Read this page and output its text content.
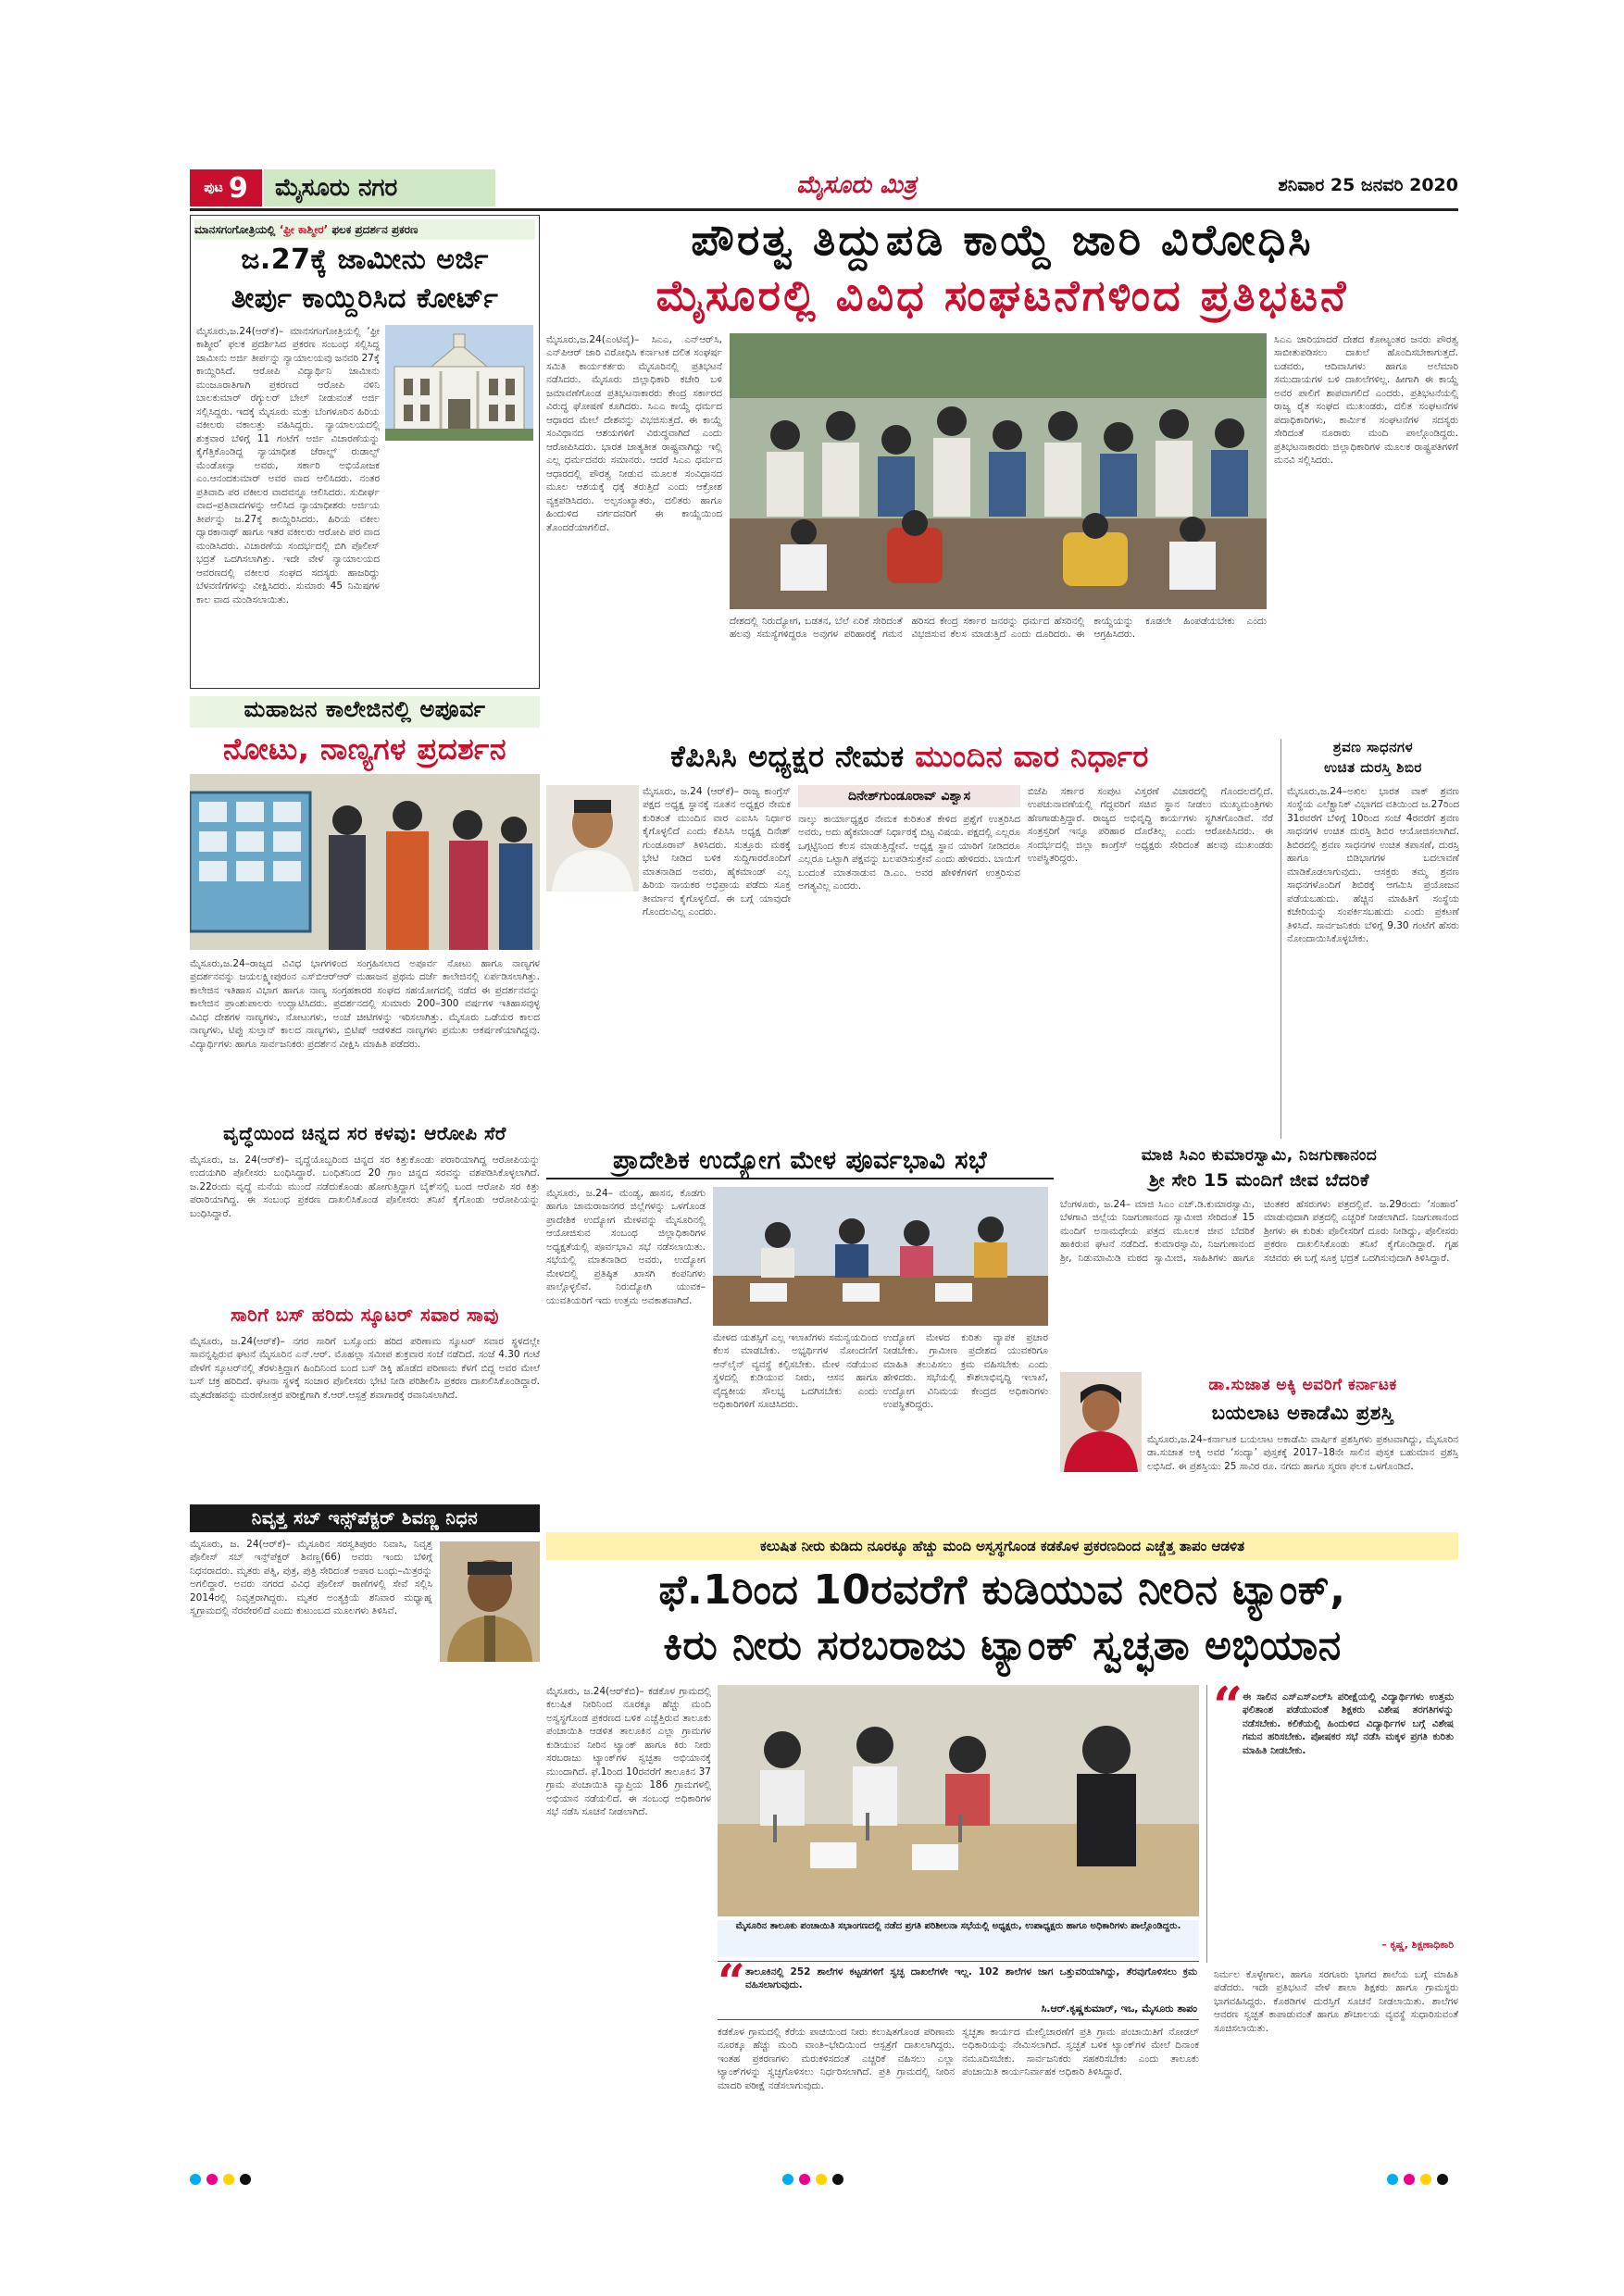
ಪುಟ 9 ಮೈಸೂರು ನಗರ	ಮೈಸೂರು ಮಿತ್ರ	ಶನಿವಾರ 25 ಜನವರಿ 2020
ಮಾನಸಗಂಗೋತ್ರಿಯಲ್ಲಿ ‘ಫ್ರೀ ಕಾಶ್ಮೀರ’ ಫಲಕ ಪ್ರದರ್ಶನ ಪ್ರಕರಣ
ಜ.27ಕ್ಕೆ ಜಾಮೀನು ಅರ್ಜಿ
ತೀರ್ಪು ಕಾಯ್ದಿರಿಸಿದ ಕೋರ್ಟ್
ಮೈಸೂರು,ಜ.24(ಆರ್‌ಕೆ)– ಮಾನಸಗಂಗೋತ್ರಿಯಲ್ಲಿ ‘ಫ್ರೀ ಕಾಶ್ಮೀರ’ ಫಲಕ ಪ್ರದರ್ಶಿಸಿದ ಪ್ರಕರಣ ಸಂಬಂಧ ಸಲ್ಲಿಸಿದ್ದ ಜಾಮೀನು ಅರ್ಜಿ ತೀರ್ಪನ್ನು ನ್ಯಾಯಾಲಯವು ಜನವರಿ 27ಕ್ಕೆ ಕಾಯ್ದಿರಿಸಿದೆ. ಆರೋಪಿ ವಿದ್ಯಾರ್ಥಿನಿ ಜಾಮೀನು ಮಂಜೂರಾತಿಗಾಗಿ ಪ್ರಕರಣದ ಆರೋಪಿ ನಳಿನಿ ಬಾಲಕುಮಾರ್ ರೆಗ್ಯುಲರ್ ಬೇಲ್ ನೀಡುವಂತೆ ಅರ್ಜಿ ಸಲ್ಲಿಸಿದ್ದರು. ಇದಕ್ಕೆ ಮೈಸೂರು ಮತ್ತು ಬೆಂಗಳೂರಿನ ಹಿರಿಯ ವಕೀಲರು ವಕಾಲತ್ತು ವಹಿಸಿದ್ದರು. ನ್ಯಾಯಾಲಯದಲ್ಲಿ ಶುಕ್ರವಾರ ಬೆಳಿಗ್ಗೆ 11 ಗಂಟೆಗೆ ಅರ್ಜಿ ವಿಚಾರಣೆಯನ್ನು ಕೈಗೆತ್ತಿಕೊಂಡಿದ್ದ ನ್ಯಾಯಾಧೀಶ ಜೆರಾಲ್ಡ್ ರುಡಾಲ್ಫ್ ಮೆಂಡೋನ್ಸಾ ಅವರು, ಸರ್ಕಾರಿ ಅಭಿಯೋಜಕ ಎಂ.ಆನಂದಕುಮಾರ್ ಅವರ ವಾದ ಆಲಿಸಿದರು. ನಂತರ ಪ್ರತಿವಾದಿ ಪರ ವಕೀಲರ ವಾದವನ್ನೂ ಆಲಿಸಿದರು. ಸುದೀರ್ಘ ವಾದ–ಪ್ರತಿವಾದಗಳನ್ನು ಆಲಿಸಿದ ನ್ಯಾಯಾಧೀಶರು ಅರ್ಜಿಯ ತೀರ್ಪನ್ನು ಜ.27ಕ್ಕೆ ಕಾಯ್ದಿರಿಸಿದರು. ಹಿರಿಯ ವಕೀಲ ದ್ವಾರಕಾನಾಥ್ ಹಾಗೂ ಇತರ ವಕೀಲರು ಆರೋಪಿ ಪರ ವಾದ ಮಂಡಿಸಿದರು. ವಿಚಾರಣೆಯ ಸಂದರ್ಭದಲ್ಲಿ ಬಿಗಿ ಪೊಲೀಸ್ ಭದ್ರತೆ ಒದಗಿಸಲಾಗಿತ್ತು. ಇದೇ ವೇಳೆ ನ್ಯಾಯಾಲಯದ ಆವರಣದಲ್ಲಿ ವಕೀಲರ ಸಂಘದ ಸದಸ್ಯರು ಹಾಜರಿದ್ದು ಬೆಳವಣಿಗೆಗಳನ್ನು ವೀಕ್ಷಿಸಿದರು. ಸುಮಾರು 45 ನಿಮಿಷಗಳ ಕಾಲ ವಾದ ಮಂಡಿಸಲಾಯಿತು.
ಪೌರತ್ವ ತಿದ್ದುಪಡಿ ಕಾಯ್ದೆ ಜಾರಿ ವಿರೋಧಿಸಿ
ಮೈಸೂರಲ್ಲಿ ವಿವಿಧ ಸಂಘಟನೆಗಳಿಂದ ಪ್ರತಿಭಟನೆ
ಮೈಸೂರು,ಜ.24(ಎಂಟಿವೈ)– ಸಿಎಎ, ಎನ್‌ಆರ್‌ಸಿ, ಎನ್‌ಪಿಆರ್ ಜಾರಿ ವಿರೋಧಿಸಿ ಕರ್ನಾಟಕ ದಲಿತ ಸಂಘರ್ಷ ಸಮಿತಿ ಕಾರ್ಯಕರ್ತರು ಮೈಸೂರಿನಲ್ಲಿ ಪ್ರತಿಭಟನೆ ನಡೆಸಿದರು. ಮೈಸೂರು ಜಿಲ್ಲಾಧಿಕಾರಿ ಕಚೇರಿ ಬಳಿ ಜಮಾವಣೆಗೊಂಡ ಪ್ರತಿಭಟನಾಕಾರರು ಕೇಂದ್ರ ಸರ್ಕಾರದ ವಿರುದ್ಧ ಘೋಷಣೆ ಕೂಗಿದರು. ಸಿಎಎ ಕಾಯ್ದೆ ಧರ್ಮದ ಆಧಾರದ ಮೇಲೆ ದೇಶವನ್ನು ವಿಭಜಿಸುತ್ತದೆ. ಈ ಕಾಯ್ದೆ ಸಂವಿಧಾನದ ಆಶಯಗಳಿಗೆ ವಿರುದ್ಧವಾಗಿದೆ ಎಂದು ಆರೋಪಿಸಿದರು. ಭಾರತ ಜಾತ್ಯತೀತ ರಾಷ್ಟ್ರವಾಗಿದ್ದು ಇಲ್ಲಿ ಎಲ್ಲ ಧರ್ಮದವರು ಸಮಾನರು. ಆದರೆ ಸಿಎಎ ಧರ್ಮದ ಆಧಾರದಲ್ಲಿ ಪೌರತ್ವ ನೀಡುವ ಮೂಲಕ ಸಂವಿಧಾನದ ಮೂಲ ಆಶಯಕ್ಕೆ ಧಕ್ಕೆ ತರುತ್ತಿದೆ ಎಂದು ಆಕ್ರೋಶ ವ್ಯಕ್ತಪಡಿಸಿದರು. ಅಲ್ಪಸಂಖ್ಯಾತರು, ದಲಿತರು ಹಾಗೂ ಹಿಂದುಳಿದ ವರ್ಗದವರಿಗೆ ಈ ಕಾಯ್ದೆಯಿಂದ ತೊಂದರೆಯಾಗಲಿದೆ.
ದೇಶದಲ್ಲಿ ನಿರುದ್ಯೋಗ, ಬಡತನ, ಬೆಲೆ ಏರಿಕೆ ಸೇರಿದಂತೆ ಹಲವು ಸಮಸ್ಯೆಗಳಿದ್ದರೂ ಅವುಗಳ ಪರಿಹಾರಕ್ಕೆ ಗಮನ ಹರಿಸದ ಕೇಂದ್ರ ಸರ್ಕಾರ ಜನರನ್ನು ಧರ್ಮದ ಹೆಸರಿನಲ್ಲಿ ವಿಭಜಿಸುವ ಕೆಲಸ ಮಾಡುತ್ತಿದೆ ಎಂದು ದೂರಿದರು. ಈ ಕಾಯ್ದೆಯನ್ನು ಕೂಡಲೇ ಹಿಂಪಡೆಯಬೇಕು ಎಂದು ಆಗ್ರಹಿಸಿದರು.
ಸಿಎಎ ಜಾರಿಯಾದರೆ ದೇಶದ ಕೋಟ್ಯಂತರ ಜನರು ಪೌರತ್ವ ಸಾಬೀತುಪಡಿಸಲು ದಾಖಲೆ ಹೊಂದಿಸಬೇಕಾಗುತ್ತದೆ. ಬಡವರು, ಆದಿವಾಸಿಗಳು ಹಾಗೂ ಅಲೆಮಾರಿ ಸಮುದಾಯಗಳ ಬಳಿ ದಾಖಲೆಗಳಿಲ್ಲ. ಹೀಗಾಗಿ ಈ ಕಾಯ್ದೆ ಅವರ ಪಾಲಿಗೆ ಶಾಪವಾಗಲಿದೆ ಎಂದರು. ಪ್ರತಿಭಟನೆಯಲ್ಲಿ ರಾಜ್ಯ ರೈತ ಸಂಘದ ಮುಖಂಡರು, ದಲಿತ ಸಂಘಟನೆಗಳ ಪದಾಧಿಕಾರಿಗಳು, ಕಾರ್ಮಿಕ ಸಂಘಟನೆಗಳ ಸದಸ್ಯರು ಸೇರಿದಂತೆ ನೂರಾರು ಮಂದಿ ಪಾಲ್ಗೊಂಡಿದ್ದರು. ಪ್ರತಿಭಟನಾಕಾರರು ಜಿಲ್ಲಾಧಿಕಾರಿಗಳ ಮೂಲಕ ರಾಷ್ಟ್ರಪತಿಗಳಿಗೆ ಮನವಿ ಸಲ್ಲಿಸಿದರು.
ಮಹಾಜನ ಕಾಲೇಜಿನಲ್ಲಿ ಅಪೂರ್ವ
ನೋಟು, ನಾಣ್ಯಗಳ ಪ್ರದರ್ಶನ
ಮೈಸೂರು,ಜ.24–ರಾಜ್ಯದ ವಿವಿಧ ಭಾಗಗಳಿಂದ ಸಂಗ್ರಹಿಸಲಾದ ಅಪೂರ್ವ ನೋಟು ಹಾಗೂ ನಾಣ್ಯಗಳ ಪ್ರದರ್ಶನವನ್ನು ಜಯಲಕ್ಷ್ಮೀಪುರಂನ ಎಸ್‌ಬಿಆರ್‌ಆರ್ ಮಹಾಜನ ಪ್ರಥಮ ದರ್ಜೆ ಕಾಲೇಜಿನಲ್ಲಿ ಏರ್ಪಡಿಸಲಾಗಿತ್ತು. ಕಾಲೇಜಿನ ಇತಿಹಾಸ ವಿಭಾಗ ಹಾಗೂ ನಾಣ್ಯ ಸಂಗ್ರಹಕಾರರ ಸಂಘದ ಸಹಯೋಗದಲ್ಲಿ ನಡೆದ ಈ ಪ್ರದರ್ಶನವನ್ನು ಕಾಲೇಜಿನ ಪ್ರಾಂಶುಪಾಲರು ಉದ್ಘಾಟಿಸಿದರು. ಪ್ರದರ್ಶನದಲ್ಲಿ ಸುಮಾರು 200–300 ವರ್ಷಗಳ ಇತಿಹಾಸವುಳ್ಳ ವಿವಿಧ ದೇಶಗಳ ನಾಣ್ಯಗಳು, ನೋಟುಗಳು, ಅಂಚೆ ಚೀಟಿಗಳನ್ನು ಇರಿಸಲಾಗಿತ್ತು. ಮೈಸೂರು ಒಡೆಯರ ಕಾಲದ ನಾಣ್ಯಗಳು, ಟಿಪ್ಪು ಸುಲ್ತಾನ್ ಕಾಲದ ನಾಣ್ಯಗಳು, ಬ್ರಿಟಿಷ್ ಆಡಳಿತದ ನಾಣ್ಯಗಳು ಪ್ರಮುಖ ಆಕರ್ಷಣೆಯಾಗಿದ್ದವು. ವಿದ್ಯಾರ್ಥಿಗಳು ಹಾಗೂ ಸಾರ್ವಜನಿಕರು ಪ್ರದರ್ಶನ ವೀಕ್ಷಿಸಿ ಮಾಹಿತಿ ಪಡೆದರು.
ವೃದ್ಧೆಯಿಂದ ಚಿನ್ನದ ಸರ ಕಳವು: ಆರೋಪಿ ಸೆರೆ
ಮೈಸೂರು, ಜ. 24(ಆರ್‌ಕೆ)– ವೃದ್ಧೆಯೊಬ್ಬರಿಂದ ಚಿನ್ನದ ಸರ ಕಿತ್ತುಕೊಂಡು ಪರಾರಿಯಾಗಿದ್ದ ಆರೋಪಿಯನ್ನು ಉದಯಗಿರಿ ಪೊಲೀಸರು ಬಂಧಿಸಿದ್ದಾರೆ. ಬಂಧಿತನಿಂದ 20 ಗ್ರಾಂ ಚಿನ್ನದ ಸರವನ್ನು ವಶಪಡಿಸಿಕೊಳ್ಳಲಾಗಿದೆ. ಜ.22ರಂದು ವೃದ್ಧೆ ಮನೆಯ ಮುಂದೆ ನಡೆದುಕೊಂಡು ಹೋಗುತ್ತಿದ್ದಾಗ ಬೈಕ್‌ನಲ್ಲಿ ಬಂದ ಆರೋಪಿ ಸರ ಕಿತ್ತು ಪರಾರಿಯಾಗಿದ್ದ. ಈ ಸಂಬಂಧ ಪ್ರಕರಣ ದಾಖಲಿಸಿಕೊಂಡ ಪೊಲೀಸರು ತನಿಖೆ ಕೈಗೊಂಡು ಆರೋಪಿಯನ್ನು ಬಂಧಿಸಿದ್ದಾರೆ.
ಸಾರಿಗೆ ಬಸ್ ಹರಿದು ಸ್ಕೂಟರ್ ಸವಾರ ಸಾವು
ಮೈಸೂರು, ಜ.24(ಆರ್‌ಕೆ)– ನಗರ ಸಾರಿಗೆ ಬಸ್ಸೊಂದು ಹರಿದ ಪರಿಣಾಮ ಸ್ಕೂಟರ್ ಸವಾರ ಸ್ಥಳದಲ್ಲೇ ಸಾವನ್ನಪ್ಪಿರುವ ಘಟನೆ ಮೈಸೂರಿನ ಎನ್.ಆರ್. ಮೊಹಲ್ಲಾ ಸಮೀಪ ಶುಕ್ರವಾರ ಸಂಜೆ ನಡೆದಿದೆ. ಸಂಜೆ 4.30 ಗಂಟೆ ವೇಳೆಗೆ ಸ್ಕೂಟರ್‌ನಲ್ಲಿ ತೆರಳುತ್ತಿದ್ದಾಗ ಹಿಂದಿನಿಂದ ಬಂದ ಬಸ್ ಡಿಕ್ಕಿ ಹೊಡೆದ ಪರಿಣಾಮ ಕೆಳಗೆ ಬಿದ್ದ ಅವರ ಮೇಲೆ ಬಸ್ ಚಕ್ರ ಹರಿದಿದೆ. ಘಟನಾ ಸ್ಥಳಕ್ಕೆ ಸಂಚಾರ ಪೊಲೀಸರು ಭೇಟಿ ನೀಡಿ ಪರಿಶೀಲಿಸಿ ಪ್ರಕರಣ ದಾಖಲಿಸಿಕೊಂಡಿದ್ದಾರೆ. ಮೃತದೇಹವನ್ನು ಮರಣೋತ್ತರ ಪರೀಕ್ಷೆಗಾಗಿ ಕೆ.ಆರ್.ಆಸ್ಪತ್ರೆ ಶವಾಗಾರಕ್ಕೆ ರವಾನಿಸಲಾಗಿದೆ.
ನಿವೃತ್ತ ಸಬ್ ಇನ್ಸ್‌ಪೆಕ್ಟರ್ ಶಿವಣ್ಣ ನಿಧನ
ಮೈಸೂರು, ಜ. 24(ಆರ್‌ಕೆ)– ಮೈಸೂರಿನ ಸರಸ್ವತಿಪುರಂ ನಿವಾಸಿ, ನಿವೃತ್ತ ಪೊಲೀಸ್ ಸಬ್ ಇನ್ಸ್‌ಪೆಕ್ಟರ್ ಶಿವಣ್ಣ(66) ಅವರು ಇಂದು ಬೆಳಿಗ್ಗೆ ನಿಧನರಾದರು. ಮೃತರು ಪತ್ನಿ, ಪುತ್ರ, ಪುತ್ರಿ ಸೇರಿದಂತೆ ಅಪಾರ ಬಂಧು–ಮಿತ್ರರನ್ನು ಅಗಲಿದ್ದಾರೆ. ಅವರು ನಗರದ ವಿವಿಧ ಪೊಲೀಸ್ ಠಾಣೆಗಳಲ್ಲಿ ಸೇವೆ ಸಲ್ಲಿಸಿ 2014ರಲ್ಲಿ ನಿವೃತ್ತರಾಗಿದ್ದರು. ಮೃತರ ಅಂತ್ಯಕ್ರಿಯೆ ಶನಿವಾರ ಮಧ್ಯಾಹ್ನ ಸ್ವಗ್ರಾಮದಲ್ಲಿ ನೆರವೇರಲಿದೆ ಎಂದು ಕುಟುಂಬದ ಮೂಲಗಳು ತಿಳಿಸಿವೆ.
ಕೆಪಿಸಿಸಿ ಅಧ್ಯಕ್ಷರ ನೇಮಕ ಮುಂದಿನ ವಾರ ನಿರ್ಧಾರ
ಮೈಸೂರು, ಜ.24 (ಆರ್‌ಕೆ)– ರಾಜ್ಯ ಕಾಂಗ್ರೆಸ್ ಪಕ್ಷದ ಅಧ್ಯಕ್ಷ ಸ್ಥಾನಕ್ಕೆ ನೂತನ ಅಧ್ಯಕ್ಷರ ನೇಮಕ ಕುರಿತಂತೆ ಮುಂದಿನ ವಾರ ಎಐಸಿಸಿ ನಿರ್ಧಾರ ಕೈಗೊಳ್ಳಲಿದೆ ಎಂದು ಕೆಪಿಸಿಸಿ ಅಧ್ಯಕ್ಷ ದಿನೇಶ್ ಗುಂಡೂರಾವ್ ತಿಳಿಸಿದರು. ಸುತ್ತೂರು ಮಠಕ್ಕೆ ಭೇಟಿ ನೀಡಿದ ಬಳಿಕ ಸುದ್ದಿಗಾರರೊಂದಿಗೆ ಮಾತನಾಡಿದ ಅವರು, ಹೈಕಮಾಂಡ್ ಎಲ್ಲ ಹಿರಿಯ ನಾಯಕರ ಅಭಿಪ್ರಾಯ ಪಡೆದು ಸೂಕ್ತ ತೀರ್ಮಾನ ಕೈಗೊಳ್ಳಲಿದೆ. ಈ ಬಗ್ಗೆ ಯಾವುದೇ ಗೊಂದಲವಿಲ್ಲ ಎಂದರು.
ದಿನೇಶ್‌ಗುಂಡೂರಾವ್ ವಿಶ್ವಾಸ
ನಾಲ್ಕು ಕಾರ್ಯಾಧ್ಯಕ್ಷರ ನೇಮಕ ಕುರಿತಂತೆ ಕೇಳಿದ ಪ್ರಶ್ನೆಗೆ ಉತ್ತರಿಸಿದ ಅವರು, ಅದು ಹೈಕಮಾಂಡ್ ನಿರ್ಧಾರಕ್ಕೆ ಬಿಟ್ಟ ವಿಷಯ. ಪಕ್ಷದಲ್ಲಿ ಎಲ್ಲರೂ ಒಗ್ಗಟ್ಟಿನಿಂದ ಕೆಲಸ ಮಾಡುತ್ತಿದ್ದೇವೆ. ಅಧ್ಯಕ್ಷ ಸ್ಥಾನ ಯಾರಿಗೆ ನೀಡಿದರೂ ಎಲ್ಲರೂ ಒಟ್ಟಾಗಿ ಪಕ್ಷವನ್ನು ಬಲಪಡಿಸುತ್ತೇವೆ ಎಂದು ಹೇಳಿದರು. ಬಾಯಿಗೆ ಬಂದಂತೆ ಮಾತನಾಡುವ ಡಿ.ಎಂ. ಅವರ ಹೇಳಿಕೆಗಳಿಗೆ ಉತ್ತರಿಸುವ ಅಗತ್ಯವಿಲ್ಲ ಎಂದರು.
ಬಿಜೆಪಿ ಸರ್ಕಾರ ಸಂಪುಟ ವಿಸ್ತರಣೆ ವಿಚಾರದಲ್ಲಿ ಗೊಂದಲದಲ್ಲಿದೆ. ಉಪಚುನಾವಣೆಯಲ್ಲಿ ಗೆದ್ದವರಿಗೆ ಸಚಿವ ಸ್ಥಾನ ನೀಡಲು ಮುಖ್ಯಮಂತ್ರಿಗಳು ಹೆಣಗಾಡುತ್ತಿದ್ದಾರೆ. ರಾಜ್ಯದ ಅಭಿವೃದ್ಧಿ ಕಾರ್ಯಗಳು ಸ್ಥಗಿತಗೊಂಡಿವೆ. ನೆರೆ ಸಂತ್ರಸ್ತರಿಗೆ ಇನ್ನೂ ಪರಿಹಾರ ದೊರೆತಿಲ್ಲ ಎಂದು ಆರೋಪಿಸಿದರು. ಈ ಸಂದರ್ಭದಲ್ಲಿ ಜಿಲ್ಲಾ ಕಾಂಗ್ರೆಸ್ ಅಧ್ಯಕ್ಷರು ಸೇರಿದಂತೆ ಹಲವು ಮುಖಂಡರು ಉಪಸ್ಥಿತರಿದ್ದರು.
ಶ್ರವಣ ಸಾಧನಗಳ
ಉಚಿತ ದುರಸ್ತಿ ಶಿಬಿರ
ಮೈಸೂರು,ಜ.24–ಅಖಿಲ ಭಾರತ ವಾಕ್ ಶ್ರವಣ ಸಂಸ್ಥೆಯ ಎಲೆಕ್ಟ್ರಾನಿಕ್ ವಿಭಾಗದ ವತಿಯಿಂದ ಜ.27ರಿಂದ 31ರವರೆಗೆ ಬೆಳಿಗ್ಗೆ 10ರಿಂದ ಸಂಜೆ 4ರವರೆಗೆ ಶ್ರವಣ ಸಾಧನಗಳ ಉಚಿತ ದುರಸ್ತಿ ಶಿಬಿರ ಆಯೋಜಿಸಲಾಗಿದೆ. ಶಿಬಿರದಲ್ಲಿ ಶ್ರವಣ ಸಾಧನಗಳ ಉಚಿತ ತಪಾಸಣೆ, ದುರಸ್ತಿ ಹಾಗೂ ಬಿಡಿಭಾಗಗಳ ಬದಲಾವಣೆ ಮಾಡಿಕೊಡಲಾಗುವುದು. ಆಸಕ್ತರು ತಮ್ಮ ಶ್ರವಣ ಸಾಧನಗಳೊಂದಿಗೆ ಶಿಬಿರಕ್ಕೆ ಆಗಮಿಸಿ ಪ್ರಯೋಜನ ಪಡೆಯಬಹುದು. ಹೆಚ್ಚಿನ ಮಾಹಿತಿಗೆ ಸಂಸ್ಥೆಯ ಕಚೇರಿಯನ್ನು ಸಂಪರ್ಕಿಸಬಹುದು ಎಂದು ಪ್ರಕಟಣೆ ತಿಳಿಸಿದೆ. ಸಾರ್ವಜನಿಕರು ಬೆಳಿಗ್ಗೆ 9.30 ಗಂಟೆಗೆ ಹೆಸರು ನೋಂದಾಯಿಸಿಕೊಳ್ಳಬೇಕು.
ಪ್ರಾದೇಶಿಕ ಉದ್ಯೋಗ ಮೇಳ ಪೂರ್ವಭಾವಿ ಸಭೆ
ಮೈಸೂರು, ಜ.24– ಮಂಡ್ಯ, ಹಾಸನ, ಕೊಡಗು ಹಾಗೂ ಚಾಮರಾಜನಗರ ಜಿಲ್ಲೆಗಳನ್ನು ಒಳಗೊಂಡ ಪ್ರಾದೇಶಿಕ ಉದ್ಯೋಗ ಮೇಳವನ್ನು ಮೈಸೂರಿನಲ್ಲಿ ಆಯೋಜಿಸುವ ಸಂಬಂಧ ಜಿಲ್ಲಾಧಿಕಾರಿಗಳ ಅಧ್ಯಕ್ಷತೆಯಲ್ಲಿ ಪೂರ್ವಭಾವಿ ಸಭೆ ನಡೆಸಲಾಯಿತು. ಸಭೆಯಲ್ಲಿ ಮಾತನಾಡಿದ ಅವರು, ಉದ್ಯೋಗ ಮೇಳದಲ್ಲಿ ಪ್ರತಿಷ್ಠಿತ ಖಾಸಗಿ ಕಂಪನಿಗಳು ಪಾಲ್ಗೊಳ್ಳಲಿವೆ. ನಿರುದ್ಯೋಗಿ ಯುವಕ–ಯುವತಿಯರಿಗೆ ಇದು ಉತ್ತಮ ಅವಕಾಶವಾಗಿದೆ.
ಮೇಳದ ಯಶಸ್ಸಿಗೆ ಎಲ್ಲ ಇಲಾಖೆಗಳು ಸಮನ್ವಯದಿಂದ ಕೆಲಸ ಮಾಡಬೇಕು. ಅಭ್ಯರ್ಥಿಗಳ ನೋಂದಣಿಗೆ ಆನ್‌ಲೈನ್ ವ್ಯವಸ್ಥೆ ಕಲ್ಪಿಸಬೇಕು. ಮೇಳ ನಡೆಯುವ ಸ್ಥಳದಲ್ಲಿ ಕುಡಿಯುವ ನೀರು, ಆಸನ ಹಾಗೂ ವೈದ್ಯಕೀಯ ಸೌಲಭ್ಯ ಒದಗಿಸಬೇಕು ಎಂದು ಅಧಿಕಾರಿಗಳಿಗೆ ಸೂಚಿಸಿದರು.
ಉದ್ಯೋಗ ಮೇಳದ ಕುರಿತು ವ್ಯಾಪಕ ಪ್ರಚಾರ ನೀಡಬೇಕು. ಗ್ರಾಮೀಣ ಪ್ರದೇಶದ ಯುವಕರಿಗೂ ಮಾಹಿತಿ ತಲುಪಿಸಲು ಕ್ರಮ ವಹಿಸಬೇಕು ಎಂದು ಹೇಳಿದರು. ಸಭೆಯಲ್ಲಿ ಕೌಶಲಾಭಿವೃದ್ಧಿ ಇಲಾಖೆ, ಉದ್ಯೋಗ ವಿನಿಮಯ ಕೇಂದ್ರದ ಅಧಿಕಾರಿಗಳು ಉಪಸ್ಥಿತರಿದ್ದರು.
ಮಾಜಿ ಸಿಎಂ ಕುಮಾರಸ್ವಾಮಿ, ನಿಜಗುಣಾನಂದ
ಶ್ರೀ ಸೇರಿ 15 ಮಂದಿಗೆ ಜೀವ ಬೆದರಿಕೆ
ಬೆಂಗಳೂರು, ಜ.24– ಮಾಜಿ ಸಿಎಂ ಎಚ್.ಡಿ.ಕುಮಾರಸ್ವಾಮಿ, ಬೆಳಗಾವಿ ಜಿಲ್ಲೆಯ ನಿಜಗುಣಾನಂದ ಸ್ವಾಮೀಜಿ ಸೇರಿದಂತೆ 15 ಮಂದಿಗೆ ಅನಾಮಧೇಯ ಪತ್ರದ ಮೂಲಕ ಜೀವ ಬೆದರಿಕೆ ಹಾಕಿರುವ ಘಟನೆ ನಡೆದಿದೆ. ಕುಮಾರಸ್ವಾಮಿ, ನಿಜಗುಣಾನಂದ ಶ್ರೀ, ನಿಡುಮಾಮಿಡಿ ಮಠದ ಸ್ವಾಮೀಜಿ, ಸಾಹಿತಿಗಳು ಹಾಗೂ ಚಿಂತಕರ ಹೆಸರುಗಳು ಪತ್ರದಲ್ಲಿವೆ. ಜ.29ರಂದು ‘ಸಂಹಾರ’ ಮಾಡುವುದಾಗಿ ಪತ್ರದಲ್ಲಿ ಎಚ್ಚರಿಕೆ ನೀಡಲಾಗಿದೆ. ನಿಜಗುಣಾನಂದ ಶ್ರೀಗಳು ಈ ಕುರಿತು ಪೊಲೀಸರಿಗೆ ದೂರು ನೀಡಿದ್ದು, ಪೊಲೀಸರು ಪ್ರಕರಣ ದಾಖಲಿಸಿಕೊಂಡು ತನಿಖೆ ಕೈಗೊಂಡಿದ್ದಾರೆ. ಗೃಹ ಸಚಿವರು ಈ ಬಗ್ಗೆ ಸೂಕ್ತ ಭದ್ರತೆ ಒದಗಿಸುವುದಾಗಿ ತಿಳಿಸಿದ್ದಾರೆ.
ಡಾ.ಸುಜಾತ ಅಕ್ಕಿ ಅವರಿಗೆ ಕರ್ನಾಟಕ
ಬಯಲಾಟ ಅಕಾಡೆಮಿ ಪ್ರಶಸ್ತಿ
ಮೈಸೂರು,ಜ.24–ಕರ್ನಾಟಕ ಬಯಲಾಟ ಅಕಾಡೆಮಿ ವಾರ್ಷಿಕ ಪ್ರಶಸ್ತಿಗಳು ಪ್ರಕಟವಾಗಿದ್ದು, ಮೈಸೂರಿನ ಡಾ.ಸುಜಾತ ಅಕ್ಕಿ ಅವರ ‘ಸಂದ್ಯಾ’ ಪುಸ್ತಕಕ್ಕೆ 2017–18ನೇ ಸಾಲಿನ ಪುಸ್ತಕ ಬಹುಮಾನ ಪ್ರಶಸ್ತಿ ಲಭಿಸಿದೆ. ಈ ಪ್ರಶಸ್ತಿಯು 25 ಸಾವಿರ ರೂ. ನಗದು ಹಾಗೂ ಸ್ಮರಣ ಫಲಕ ಒಳಗೊಂಡಿದೆ.
ಕಲುಷಿತ ನೀರು ಕುಡಿದು ನೂರಕ್ಕೂ ಹೆಚ್ಚು ಮಂದಿ ಅಸ್ವಸ್ಥಗೊಂಡ ಕಡಕೊಳ ಪ್ರಕರಣದಿಂದ ಎಚ್ಚೆತ್ತ ತಾಪಂ ಆಡಳಿತ
ಫೆ.1ರಿಂದ 10ರವರೆಗೆ ಕುಡಿಯುವ ನೀರಿನ ಟ್ಯಾಂಕ್,
ಕಿರು ನೀರು ಸರಬರಾಜು ಟ್ಯಾಂಕ್ ಸ್ವಚ್ಛತಾ ಅಭಿಯಾನ
ಮೈಸೂರು, ಜ.24(ಆರ್‌ಕೆಬಿ)– ಕಡಕೊಳ ಗ್ರಾಮದಲ್ಲಿ ಕಲುಷಿತ ನೀರಿನಿಂದ ನೂರಕ್ಕೂ ಹೆಚ್ಚು ಮಂದಿ ಅಸ್ವಸ್ಥಗೊಂಡ ಪ್ರಕರಣದ ಬಳಿಕ ಎಚ್ಚೆತ್ತಿರುವ ತಾಲೂಕು ಪಂಚಾಯಿತಿ ಆಡಳಿತ ತಾಲೂಕಿನ ಎಲ್ಲಾ ಗ್ರಾಮಗಳ ಕುಡಿಯುವ ನೀರಿನ ಟ್ಯಾಂಕ್ ಹಾಗೂ ಕಿರು ನೀರು ಸರಬರಾಜು ಟ್ಯಾಂಕ್‌ಗಳ ಸ್ವಚ್ಛತಾ ಅಭಿಯಾನಕ್ಕೆ ಮುಂದಾಗಿದೆ. ಫೆ.1ರಿಂದ 10ರವರೆಗೆ ತಾಲೂಕಿನ 37 ಗ್ರಾಮ ಪಂಚಾಯಿತಿ ವ್ಯಾಪ್ತಿಯ 186 ಗ್ರಾಮಗಳಲ್ಲಿ ಅಭಿಯಾನ ನಡೆಯಲಿದೆ. ಈ ಸಂಬಂಧ ಅಧಿಕಾರಿಗಳ ಸಭೆ ನಡೆಸಿ ಸೂಚನೆ ನೀಡಲಾಗಿದೆ.
ಮೈಸೂರಿನ ತಾಲೂಕು ಪಂಚಾಯಿತಿ ಸಭಾಂಗಣದಲ್ಲಿ ನಡೆದ ಪ್ರಗತಿ ಪರಿಶೀಲನಾ ಸಭೆಯಲ್ಲಿ ಅಧ್ಯಕ್ಷರು, ಉಪಾಧ್ಯಕ್ಷರು ಹಾಗೂ ಅಧಿಕಾರಿಗಳು ಪಾಲ್ಗೊಂಡಿದ್ದರು.
“ ತಾಲೂಕಿನಲ್ಲಿ 252 ಶಾಲೆಗಳ ಕಟ್ಟಡಗಳಿಗೆ ಸ್ವಚ್ಛ ದಾಖಲೆಗಳೇ ಇಲ್ಲ. 102 ಶಾಲೆಗಳ ಜಾಗ ಒತ್ತುವರಿಯಾಗಿದ್ದು, ತೆರವುಗೊಳಿಸಲು ಕ್ರಮ ವಹಿಸಲಾಗುವುದು.
ಸಿ.ಆರ್.ಕೃಷ್ಣಕುಮಾರ್, ಇಒ, ಮೈಸೂರು ತಾಪಂ
ಕಡಕೊಳ ಗ್ರಾಮದಲ್ಲಿ ಕೆರೆಯ ಪಾಚಿಯಿಂದ ನೀರು ಕಲುಷಿತಗೊಂಡ ಪರಿಣಾಮ ನೂರಕ್ಕೂ ಹೆಚ್ಚು ಮಂದಿ ವಾಂತಿ–ಭೇದಿಯಿಂದ ಆಸ್ಪತ್ರೆಗೆ ದಾಖಲಾಗಿದ್ದರು. ಇಂತಹ ಪ್ರಕರಣಗಳು ಮರುಕಳಿಸದಂತೆ ಎಚ್ಚರಿಕೆ ವಹಿಸಲು ಎಲ್ಲಾ ಟ್ಯಾಂಕ್‌ಗಳನ್ನು ಸ್ವಚ್ಛಗೊಳಿಸಲು ನಿರ್ಧರಿಸಲಾಗಿದೆ. ಪ್ರತಿ ಗ್ರಾಮದಲ್ಲಿ ನೀರಿನ ಮಾದರಿ ಪರೀಕ್ಷೆ ನಡೆಸಲಾಗುವುದು.
ಸ್ವಚ್ಛತಾ ಕಾರ್ಯದ ಮೇಲ್ವಿಚಾರಣೆಗೆ ಪ್ರತಿ ಗ್ರಾಮ ಪಂಚಾಯಿತಿಗೆ ನೋಡಲ್ ಅಧಿಕಾರಿಯನ್ನು ನೇಮಿಸಲಾಗಿದೆ. ಸ್ವಚ್ಛತೆ ಬಳಿಕ ಟ್ಯಾಂಕ್‌ಗಳ ಮೇಲೆ ದಿನಾಂಕ ನಮೂದಿಸಬೇಕು. ಸಾರ್ವಜನಿಕರು ಸಹಕರಿಸಬೇಕು ಎಂದು ತಾಲೂಕು ಪಂಚಾಯಿತಿ ಕಾರ್ಯನಿರ್ವಾಹಕ ಅಧಿಕಾರಿ ತಿಳಿಸಿದ್ದಾರೆ.
“ ಈ ಸಾಲಿನ ಎಸ್‌ಎಸ್‌ಎಲ್‌ಸಿ ಪರೀಕ್ಷೆಯಲ್ಲಿ ವಿದ್ಯಾರ್ಥಿಗಳು ಉತ್ತಮ ಫಲಿತಾಂಶ ಪಡೆಯುವಂತೆ ಶಿಕ್ಷಕರು ವಿಶೇಷ ತರಗತಿಗಳನ್ನು ನಡೆಸಬೇಕು. ಕಲಿಕೆಯಲ್ಲಿ ಹಿಂದುಳಿದ ವಿದ್ಯಾರ್ಥಿಗಳ ಬಗ್ಗೆ ವಿಶೇಷ ಗಮನ ಹರಿಸಬೇಕು. ಪೋಷಕರ ಸಭೆ ನಡೆಸಿ ಮಕ್ಕಳ ಪ್ರಗತಿ ಕುರಿತು ಮಾಹಿತಿ ನೀಡಬೇಕು.
– ಕೃಷ್ಣ, ಶಿಕ್ಷಣಾಧಿಕಾರಿ
ನಿರ್ಮಲ ಕೊಳ್ಳೇಗಾಲ, ಹಾಗೂ ಸರಗೂರು ಭಾಗದ ಶಾಲೆಯ ಬಗ್ಗೆ ಮಾಹಿತಿ ಪಡೆದರು. ಇದೇ ಪ್ರತಿಭಟನೆ ವೇಳೆ ಶಾಲಾ ಶಿಕ್ಷಕರು ಹಾಗೂ ಗ್ರಾಮಸ್ಥರು ಭಾಗವಹಿಸಿದ್ದರು. ಕೊಠಡಿಗಳ ದುರಸ್ತಿಗೆ ಸೂಚನೆ ನೀಡಲಾಯಿತು. ಶಾಲೆಗಳ ಆವರಣ ಸ್ವಚ್ಛತೆ ಕಾಪಾಡುವಂತೆ ಹಾಗೂ ಶೌಚಾಲಯ ವ್ಯವಸ್ಥೆ ಸುಧಾರಿಸುವಂತೆ ಸೂಚಿಸಲಾಯಿತು.
